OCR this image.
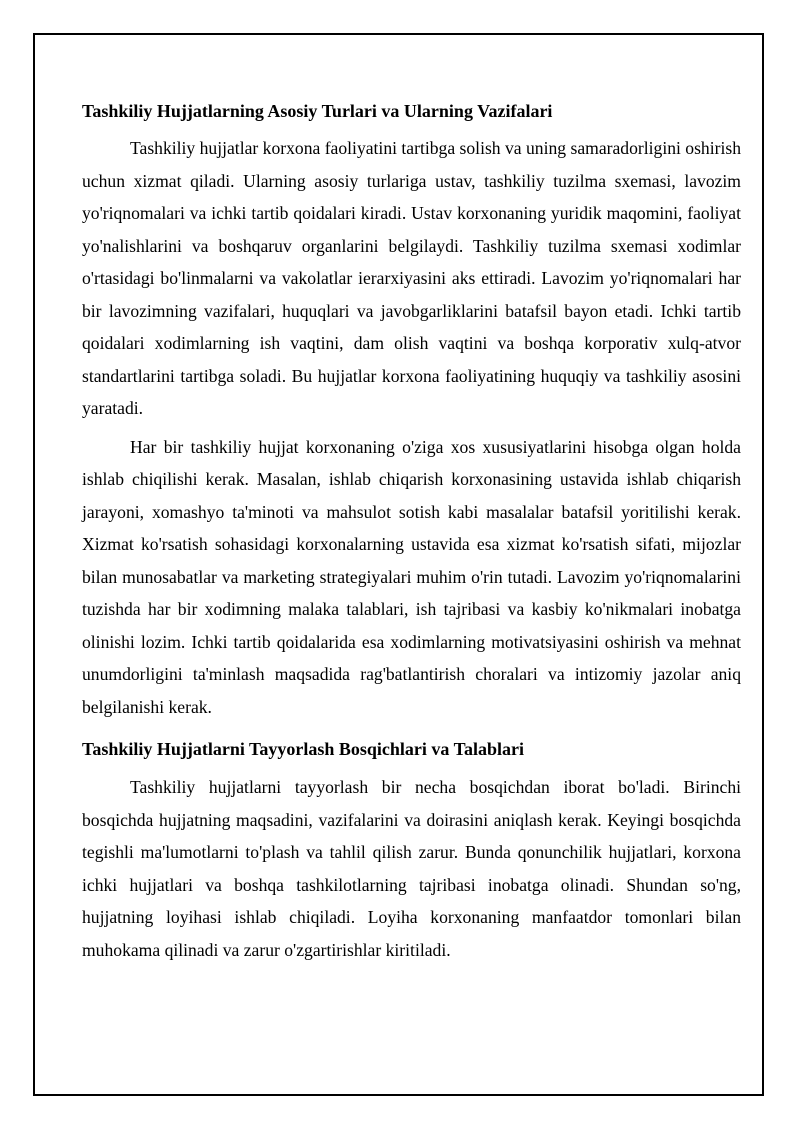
Tashkiliy Hujjatlarning Asosiy Turlari va Ularning Vazifalari

Tashkiliy hujjatlar korxona faoliyatini tartibga solish va uning samaradorligini oshirish uchun xizmat qiladi. Ularning asosiy turlariga ustav, tashkiliy tuzilma sxemasi, lavozim yo'riqnomalari va ichki tartib qoidalari kiradi. Ustav korxonaning yuridik maqomini, faoliyat yo'nalishlarini va boshqaruv organlarini belgilaydi. Tashkiliy tuzilma sxemasi xodimlar o'rtasidagi bo'linmalarni va vakolatlar ierarxiyasini aks ettiradi. Lavozim yo'riqnomalari har bir lavozimning vazifalari, huquqlari va javobgarliklarini batafsil bayon etadi. Ichki tartib qoidalari xodimlarning ish vaqtini, dam olish vaqtini va boshqa korporativ xulq-atvor standartlarini tartibga soladi. Bu hujjatlar korxona faoliyatining huquqiy va tashkiliy asosini yaratadi.

Har bir tashkiliy hujjat korxonaning o'ziga xos xususiyatlarini hisobga olgan holda ishlab chiqilishi kerak. Masalan, ishlab chiqarish korxonasining ustavida ishlab chiqarish jarayoni, xomashyo ta'minoti va mahsulot sotish kabi masalalar batafsil yoritilishi kerak. Xizmat ko'rsatish sohasidagi korxonalarning ustavida esa xizmat ko'rsatish sifati, mijozlar bilan munosabatlar va marketing strategiyalari muhim o'rin tutadi. Lavozim yo'riqnomalarini tuzishda har bir xodimning malaka talablari, ish tajribasi va kasbiy ko'nikmalari inobatga olinishi lozim. Ichki tartib qoidalarida esa xodimlarning motivatsiyasini oshirish va mehnat unumdorligini ta'minlash maqsadida rag'batlantirish choralari va intizomiy jazolar aniq belgilanishi kerak.

Tashkiliy Hujjatlarni Tayyorlash Bosqichlari va Talablari

Tashkiliy hujjatlarni tayyorlash bir necha bosqichdan iborat bo'ladi. Birinchi bosqichda hujjatning maqsadini, vazifalarini va doirasini aniqlash kerak. Keyingi bosqichda tegishli ma'lumotlarni to'plash va tahlil qilish zarur. Bunda qonunchilik hujjatlari, korxona ichki hujjatlari va boshqa tashkilotlarning tajribasi inobatga olinadi. Shundan so'ng, hujjatning loyihasi ishlab chiqiladi. Loyiha korxonaning manfaatdor tomonlari bilan muhokama qilinadi va zarur o'zgartirishlar kiritiladi.
